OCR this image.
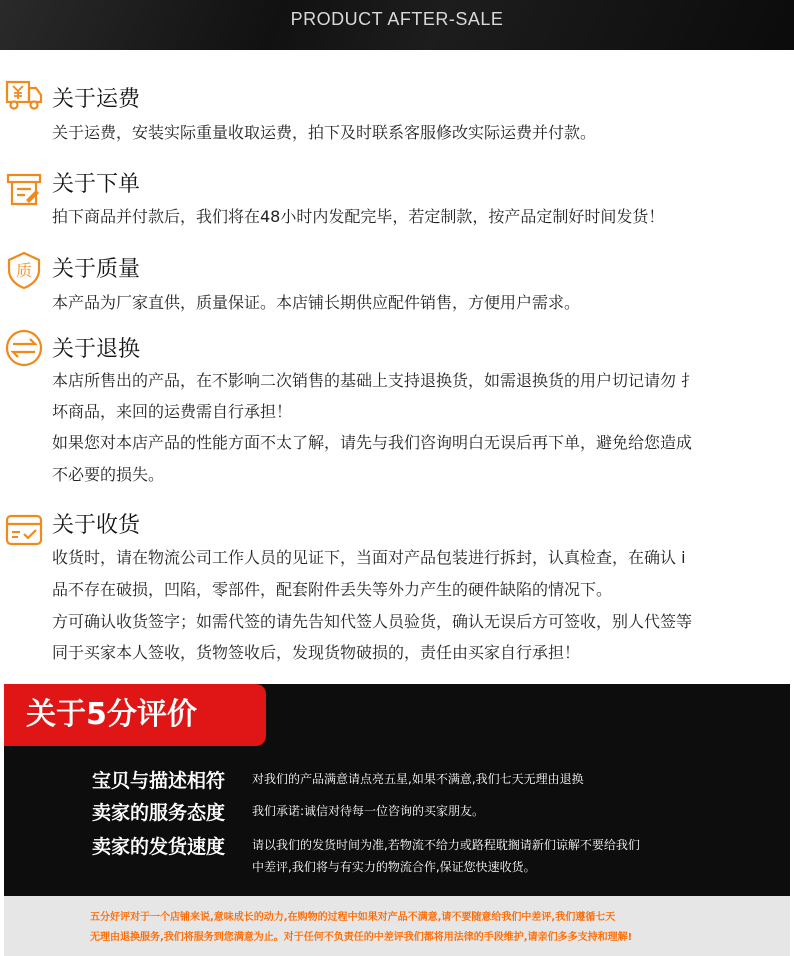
PRODUCT AFTER-SALE
关于运费
关于运费，安装实际重量收取运费，拍下及时联系客服修改实际运费并付款。
关于下单
拍下商品并付款后，我们将在48小时内发配完毕，若定制款，按产品定制好时间发货！
质 关于质量
本产品为厂家直供，质量保证。本店铺长期供应配件销售，方便用户需求。
关于退换
本店所售出的产品，在不影响二次销售的基础上支持退换货，如需退换货的用户切记请勿 扌
坏商品，来回的运费需自行承担！
如果您对本店产品的性能方面不太了解，请先与我们咨询明白无误后再下单，避免给您造成
不必要的损失。
关于收货
收货时，请在物流公司工作人员的见证下，当面对产品包装进行拆封，认真检查，在确认 i
品不存在破损，凹陷，零部件，配套附件丢失等外力产生的硬件缺陷的情况下。
方可确认收货签字；如需代签的请先告知代签人员验货，确认无误后方可签收，别人代签等
同于买家本人签收，货物签收后，发现货物破损的，责任由买家自行承担！
关于5分评价
宝贝与描述相符 对我们的产品满意请点亮五星,如果不满意,我们七天无理由退换
卖家的服务态度 我们承诺:诚信对待每一位咨询的买家朋友。
卖家的发货速度 请以我们的发货时间为准,若物流不给力或路程耽搁请新们谅解不要给我们
中差评,我们将与有实力的物流合作,保证您快速收货。
五分好评对于一个店铺来说,意味成长的动力,在购物的过程中如果对产品不满意,请不要随意给我们中差评,我们遵循七天
无理由退换服务,我们将服务到您满意为止。对于任何不负责任的中差评我们都将用法律的手段维护,请亲们多多支持和理解!
